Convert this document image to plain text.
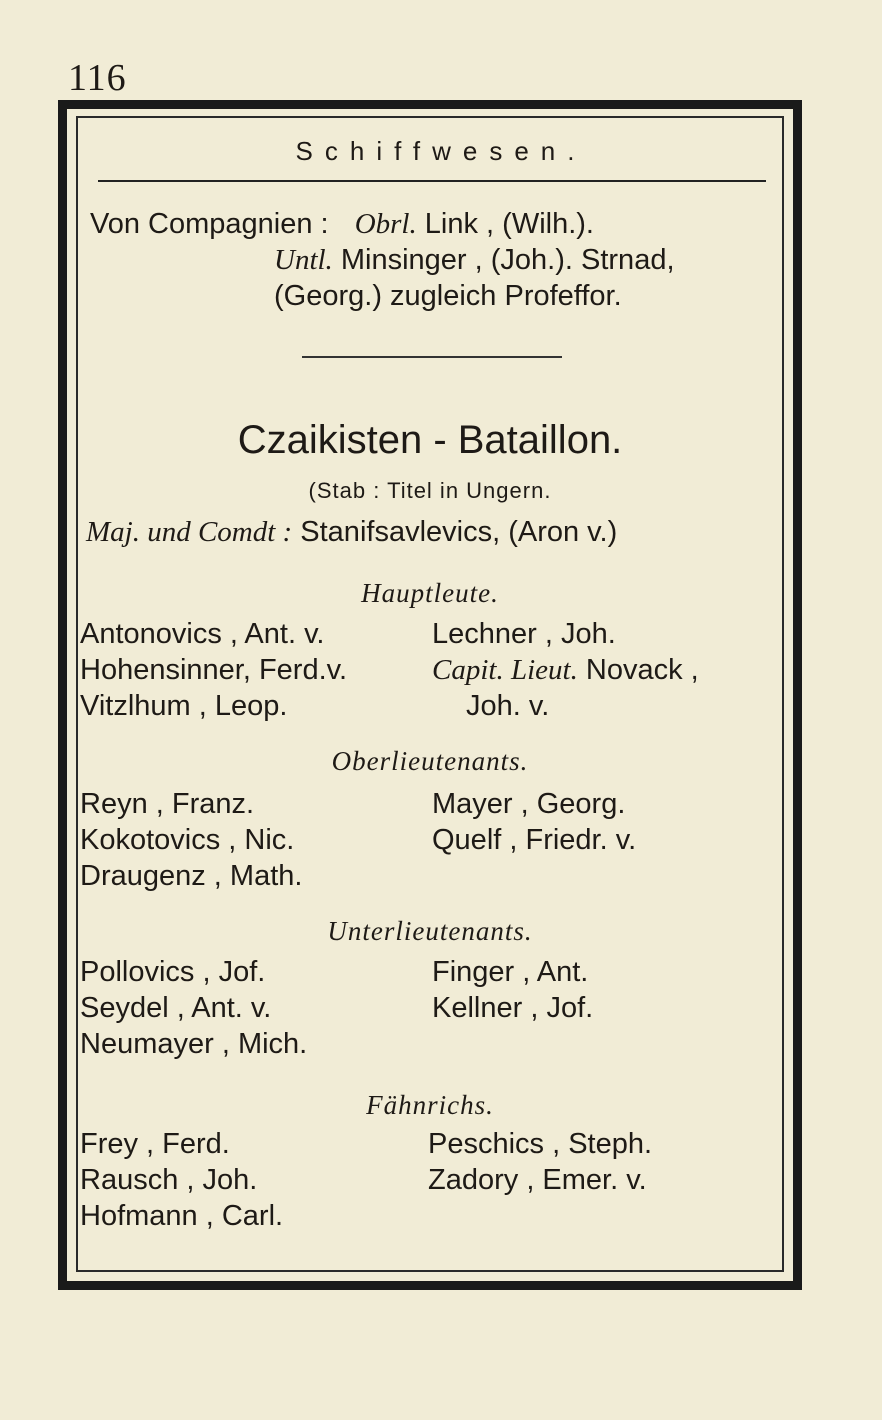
116
Schiffwesen.
Von Compagnien : Obrl. Link , (Wilh.).
Untl. Minsinger , (Joh.). Strnad,
(Georg.) zugleich Profeffor.
Czaikisten - Bataillon.
(Stab : Titel in Ungern.
Maj. und Comdt : Stanifsavlevics, (Aron v.)
Hauptleute.
Antonovics , Ant. v.
Hohensinner, Ferd.v.
Vitzlhum , Leop.
Lechner , Joh.
Capit. Lieut. Novack ,
Joh. v.
Oberlieutenants.
Reyn , Franz.
Kokotovics , Nic.
Draugenz , Math.
Mayer , Georg.
Quelf , Friedr. v.
Unterlieutenants.
Pollovics , Jof.
Seydel , Ant. v.
Neumayer , Mich.
Finger , Ant.
Kellner , Jof.
Fähnrichs.
Frey , Ferd.
Rausch , Joh.
Hofmann , Carl.
Peschics , Steph.
Zadory , Emer. v.
